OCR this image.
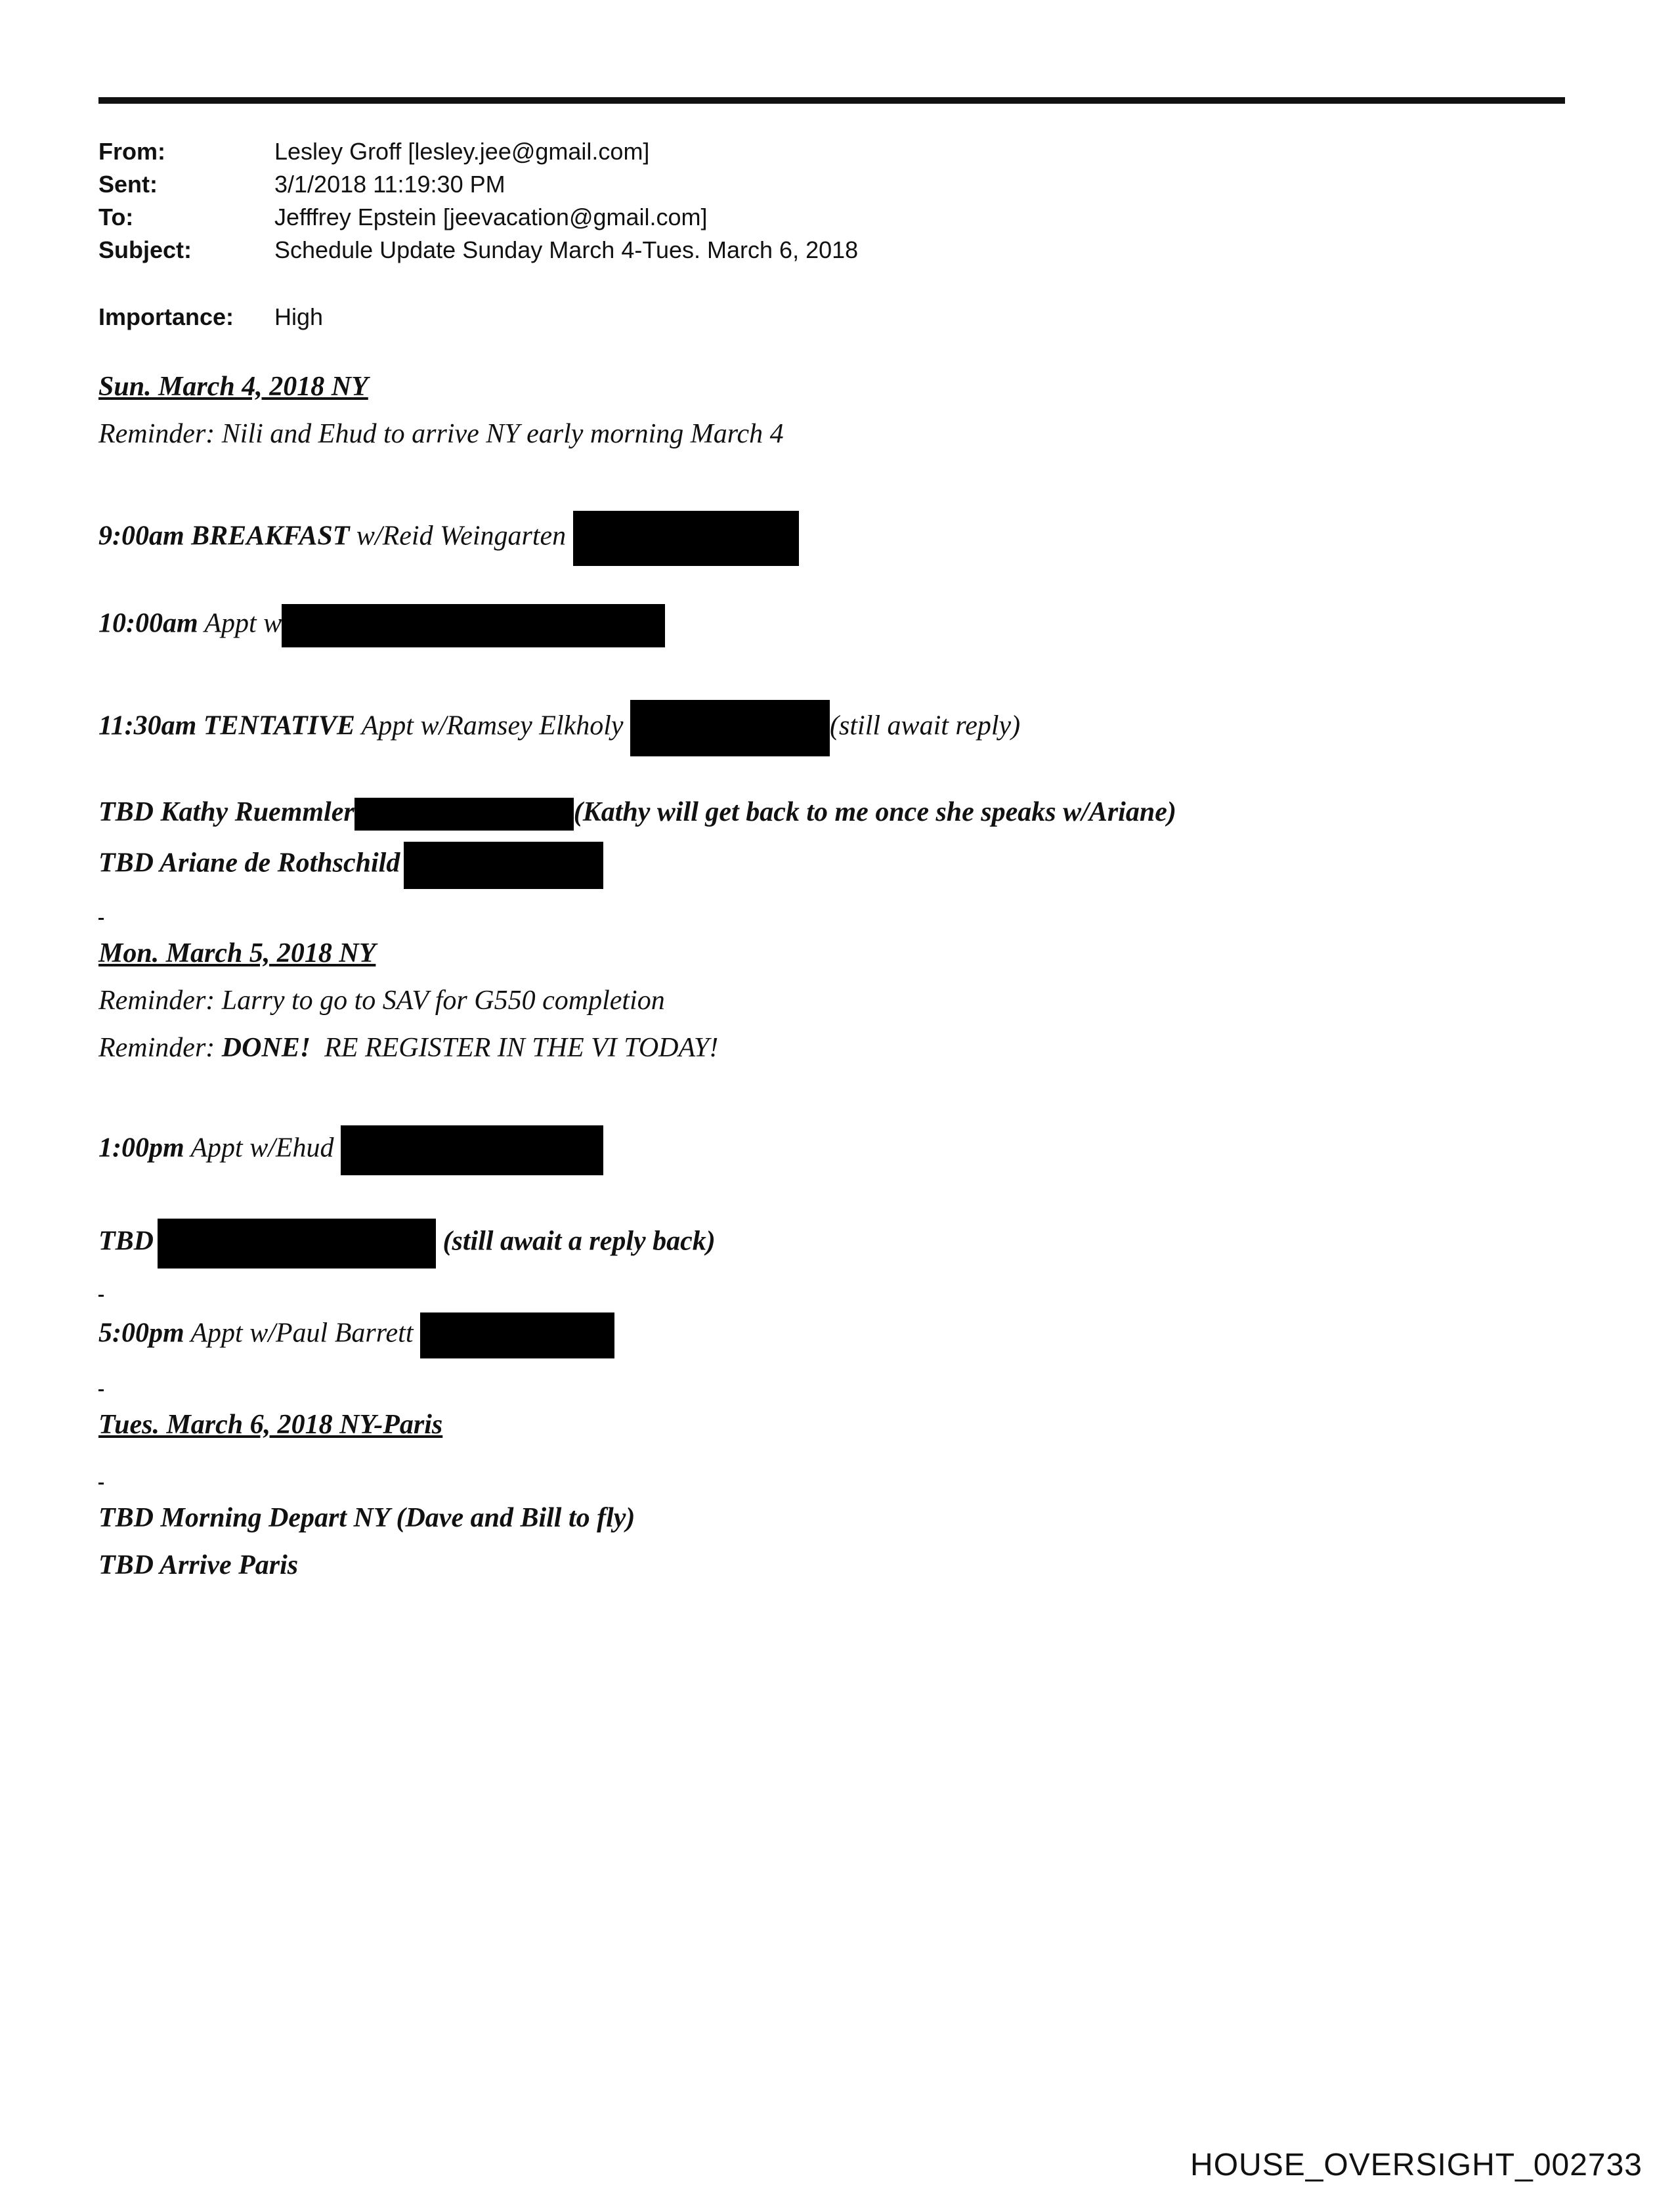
From:	Lesley Groff [lesley.jee@gmail.com]
Sent:	3/1/2018 11:19:30 PM
To:	Jefffrey Epstein [jeevacation@gmail.com]
Subject:	Schedule Update Sunday March 4-Tues. March 6, 2018
Importance: High
Sun. March 4, 2018 NY
Reminder: Nili and Ehud to arrive NY early morning March 4
9:00am BREAKFAST w/Reid Weingarten
10:00am Appt w
11:30am TENTATIVE Appt w/Ramsey Elkholy	(still await reply)
TBD Kathy Ruemmler	(Kathy will get back to me once she speaks w/Ariane)
TBD Ariane de Rothschild
Mon. March 5, 2018 NY
Reminder: Larry to go to SAV for G550 completion
Reminder: DONE!  RE REGISTER IN THE VI TODAY!
1:00pm Appt w/Ehud
TBD	(still await a reply back)
5:00pm Appt w/Paul Barrett
Tues. March 6, 2018 NY-Paris
TBD Morning Depart NY (Dave and Bill to fly)
TBD Arrive Paris
HOUSE_OVERSIGHT_002733
